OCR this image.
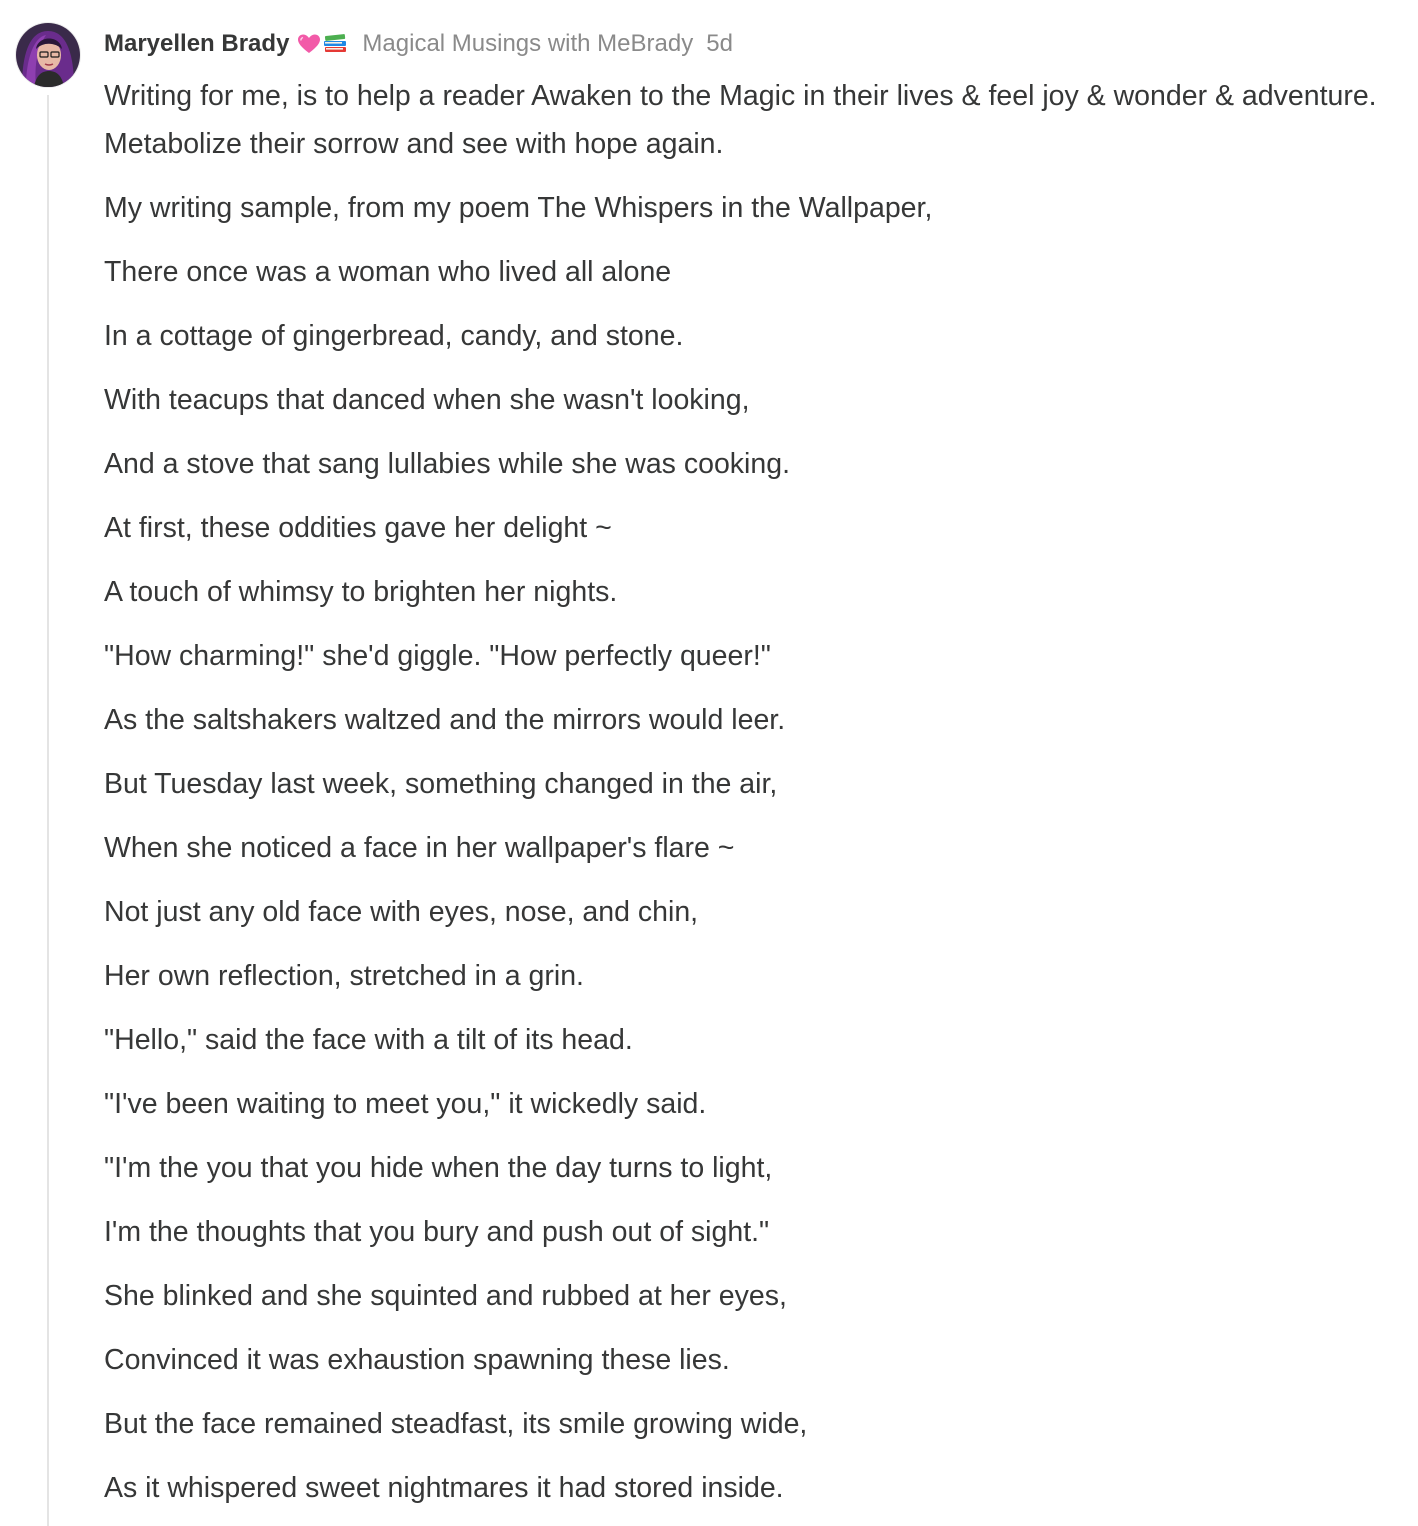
Maryellen Brady	Magical Musings with MeBrady 5d

Writing for me, is to help a reader Awaken to the Magic in their lives & feel joy & wonder & adventure. Metabolize their sorrow and see with hope again.

My writing sample, from my poem The Whispers in the Wallpaper,

There once was a woman who lived all alone

In a cottage of gingerbread, candy, and stone.

With teacups that danced when she wasn't looking,

And a stove that sang lullabies while she was cooking.

At first, these oddities gave her delight ~

A touch of whimsy to brighten her nights.

"How charming!" she'd giggle. "How perfectly queer!"

As the saltshakers waltzed and the mirrors would leer.

But Tuesday last week, something changed in the air,

When she noticed a face in her wallpaper's flare ~

Not just any old face with eyes, nose, and chin,

Her own reflection, stretched in a grin.

"Hello," said the face with a tilt of its head.

"I've been waiting to meet you," it wickedly said.

"I'm the you that you hide when the day turns to light,

I'm the thoughts that you bury and push out of sight."

She blinked and she squinted and rubbed at her eyes,

Convinced it was exhaustion spawning these lies.

But the face remained steadfast, its smile growing wide,

As it whispered sweet nightmares it had stored inside.
